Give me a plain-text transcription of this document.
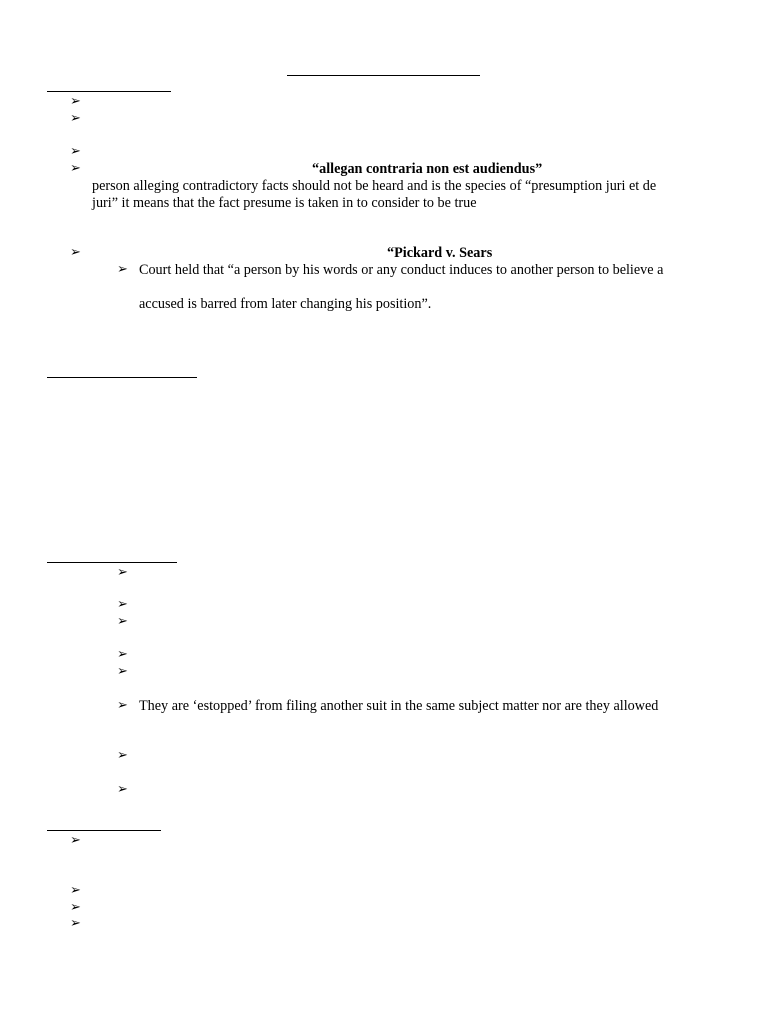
➢
➢
➢
➢	“allegan contraria non est audiendus”
person alleging contradictory facts should not be heard and is the species of “presumption juri et de
juri” it means that the fact presume is taken in to consider to be true
➢	“Pickard v. Sears
➢ Court held that “a person by his words or any conduct induces to another person to believe a
accused is barred from later changing his position”.
➢
➢
➢
➢
➢
➢ They are ‘estopped’ from filing another suit in the same subject matter nor are they allowed
➢
➢
➢
➢
➢
➢
